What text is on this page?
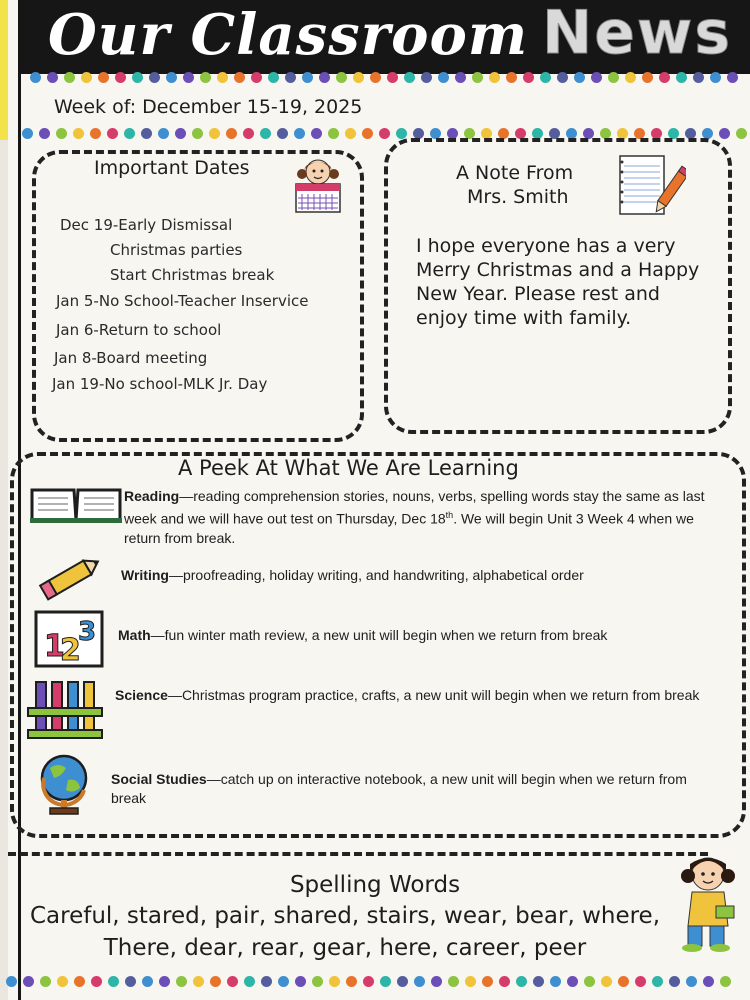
Our Classroom News
Week of: December 15-19, 2025
Important Dates
Dec 19-Early Dismissal
Christmas parties
Start Christmas break
Jan 5-No School-Teacher Inservice
Jan 6-Return to school
Jan 8-Board meeting
Jan 19-No school-MLK Jr. Day
A Note From
Mrs. Smith
I hope everyone has a very Merry Christmas and a Happy New Year. Please rest and enjoy time with family.
A Peek At What We Are Learning
Reading—reading comprehension stories, nouns, verbs, spelling words stay the same as last week and we will have out test on Thursday, Dec 18th. We will begin Unit 3 Week 4 when we return from break.
Writing—proofreading, holiday writing, and handwriting, alphabetical order
1
2
3 Math—fun winter math review, a new unit will begin when we return from break
Science—Christmas program practice, crafts, a new unit will begin when we return from break
Social Studies—catch up on interactive notebook, a new unit will begin when we return from break
Spelling Words
Careful, stared, pair, shared, stairs, wear, bear, where,
There, dear, rear, gear, here, career, peer
